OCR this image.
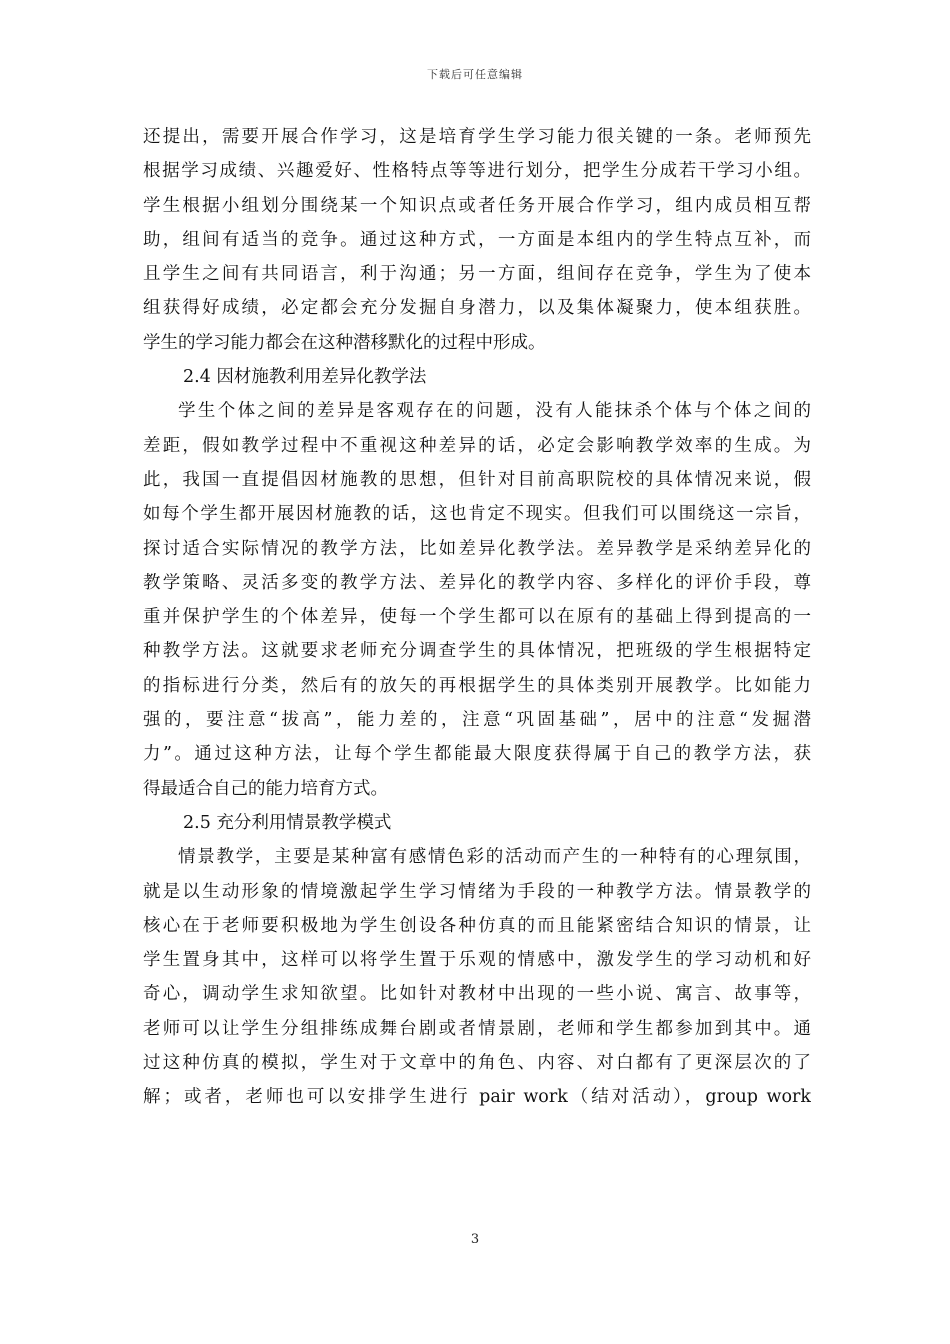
下载后可任意编辑
还提出，需要开展合作学习，这是培育学生学习能力很关键的一条。老师预先
根据学习成绩、兴趣爱好、性格特点等等进行划分，把学生分成若干学习小组。
学生根据小组划分围绕某一个知识点或者任务开展合作学习，组内成员相互帮
助，组间有适当的竞争。通过这种方式，一方面是本组内的学生特点互补，而
且学生之间有共同语言，利于沟通；另一方面，组间存在竞争，学生为了使本
组获得好成绩，必定都会充分发掘自身潜力，以及集体凝聚力，使本组获胜。
学生的学习能力都会在这种潜移默化的过程中形成。
2.4 因材施教利用差异化教学法
学生个体之间的差异是客观存在的问题，没有人能抹杀个体与个体之间的
差距，假如教学过程中不重视这种差异的话，必定会影响教学效率的生成。为
此，我国一直提倡因材施教的思想，但针对目前高职院校的具体情况来说，假
如每个学生都开展因材施教的话，这也肯定不现实。但我们可以围绕这一宗旨，
探讨适合实际情况的教学方法，比如差异化教学法。差异教学是采纳差异化的
教学策略、灵活多变的教学方法、差异化的教学内容、多样化的评价手段，尊
重并保护学生的个体差异，使每一个学生都可以在原有的基础上得到提高的一
种教学方法。这就要求老师充分调查学生的具体情况，把班级的学生根据特定
的指标进行分类，然后有的放矢的再根据学生的具体类别开展教学。比如能力
强的，要注意“拔高”，能力差的，注意“巩固基础”，居中的注意“发掘潜
力”。通过这种方法，让每个学生都能最大限度获得属于自己的教学方法，获
得最适合自己的能力培育方式。
2.5 充分利用情景教学模式
情景教学，主要是某种富有感情色彩的活动而产生的一种特有的心理氛围，
就是以生动形象的情境激起学生学习情绪为手段的一种教学方法。情景教学的
核心在于老师要积极地为学生创设各种仿真的而且能紧密结合知识的情景，让
学生置身其中，这样可以将学生置于乐观的情感中，激发学生的学习动机和好
奇心，调动学生求知欲望。比如针对教材中出现的一些小说、寓言、故事等，
老师可以让学生分组排练成舞台剧或者情景剧，老师和学生都参加到其中。通
过这种仿真的模拟，学生对于文章中的角色、内容、对白都有了更深层次的了
解；或者，老师也可以安排学生进行 pair work（结对活动），group work
3
